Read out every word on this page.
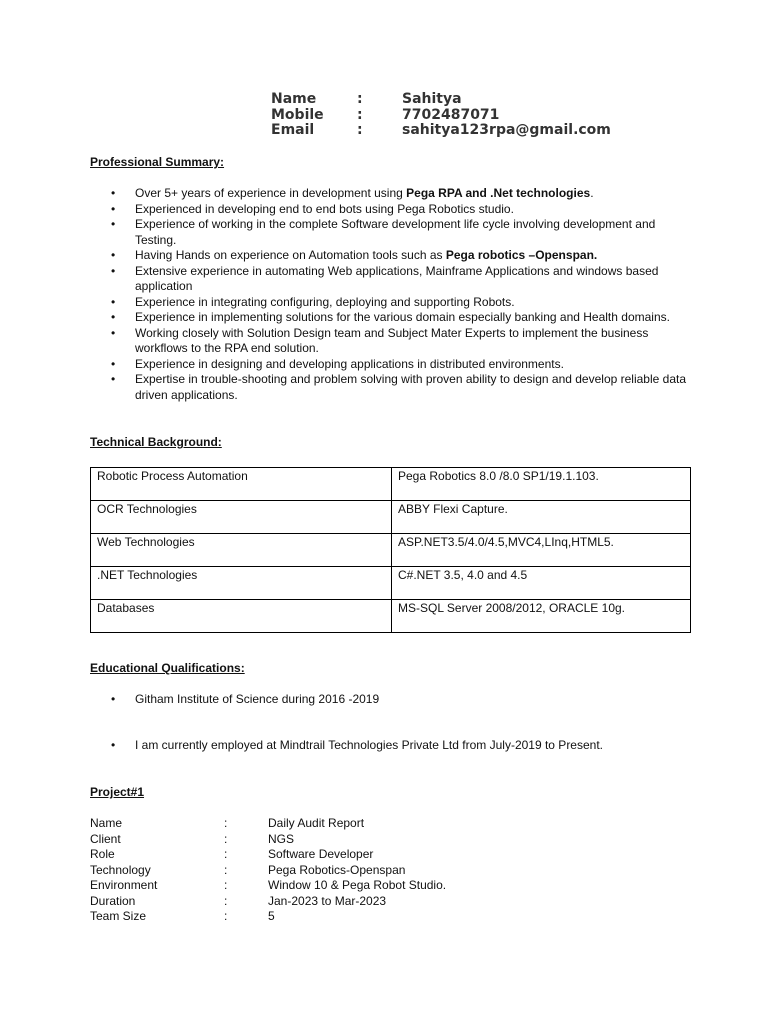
Name	:	Sahitya
Mobile	:	7702487071
Email	:	sahitya123rpa@gmail.com
Professional Summary:
• Over 5+ years of experience in development using Pega RPA and .Net technologies.
• Experienced in developing end to end bots using Pega Robotics studio.
• Experience of working in the complete Software development life cycle involving development and Testing.
• Having Hands on experience on Automation tools such as Pega robotics –Openspan.
• Extensive experience in automating Web applications, Mainframe Applications and windows based application
• Experience in integrating configuring, deploying and supporting Robots.
• Experience in implementing solutions for the various domain especially banking and Health domains.
• Working closely with Solution Design team and Subject Mater Experts to implement the business workflows to the RPA end solution.
• Experience in designing and developing applications in distributed environments.
• Expertise in trouble-shooting and problem solving with proven ability to design and develop reliable data driven applications.
Technical Background:
Robotic Process Automation	Pega Robotics 8.0 /8.0 SP1/19.1.103.
OCR Technologies	ABBY Flexi Capture.
Web Technologies	ASP.NET3.5/4.0/4.5,MVC4,LInq,HTML5.
.NET Technologies	C#.NET 3.5, 4.0 and 4.5
Databases	MS-SQL Server 2008/2012, ORACLE 10g.
Educational Qualifications:
• Githam Institute of Science during 2016 -2019
• I am currently employed at Mindtrail Technologies Private Ltd from July-2019 to Present.
Project#1
Name	:	Daily Audit Report
Client	:	NGS
Role	:	Software Developer
Technology	:	Pega Robotics-Openspan
Environment	:	Window 10 & Pega Robot Studio.
Duration	:	Jan-2023 to Mar-2023
Team Size	:	5
